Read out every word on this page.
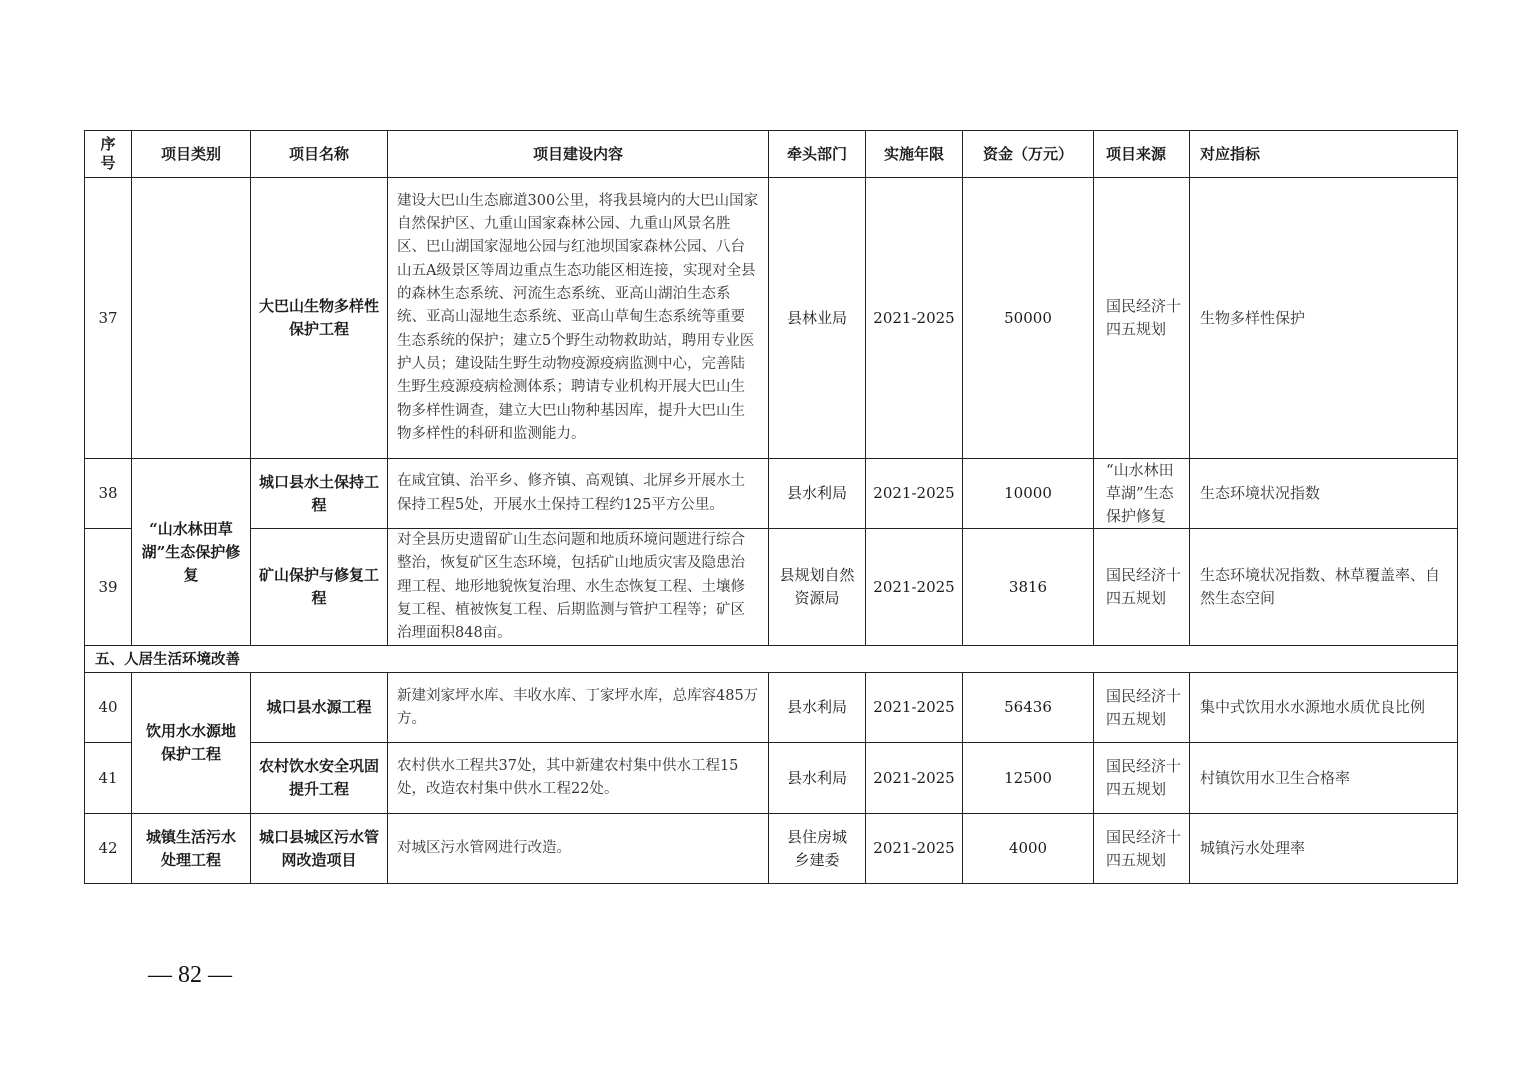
序号	项目类别	项目名称	项目建设内容	牵头部门	实施年限	资金（万元）	项目来源	对应指标
37		大巴山生物多样性保护工程	建设大巴山生态廊道300公里，将我县境内的大巴山国家自然保护区、九重山国家森林公园、九重山风景名胜区、巴山湖国家湿地公园与红池坝国家森林公园、八台山五A级景区等周边重点生态功能区相连接，实现对全县的森林生态系统、河流生态系统、亚高山湖泊生态系统、亚高山湿地生态系统、亚高山草甸生态系统等重要生态系统的保护；建立5个野生动物救助站，聘用专业医护人员；建设陆生野生动物疫源疫病监测中心，完善陆生野生疫源疫病检测体系；聘请专业机构开展大巴山生物多样性调查，建立大巴山物种基因库，提升大巴山生物多样性的科研和监测能力。	县林业局	2021-2025	50000	国民经济十四五规划	生物多样性保护
38	“山水林田草湖”生态保护修复	城口县水土保持工程	在咸宜镇、治平乡、修齐镇、高观镇、北屏乡开展水土保持工程5处，开展水土保持工程约125平方公里。	县水利局	2021-2025	10000	“山水林田草湖”生态保护修复	生态环境状况指数
39		矿山保护与修复工程	对全县历史遗留矿山生态问题和地质环境问题进行综合整治，恢复矿区生态环境，包括矿山地质灾害及隐患治理工程、地形地貌恢复治理、水生态恢复工程、土壤修复工程、植被恢复工程、后期监测与管护工程等；矿区治理面积848亩。	县规划自然资源局	2021-2025	3816	国民经济十四五规划	生态环境状况指数、林草覆盖率、自然生态空间
五、人居生活环境改善								
40	饮用水水源地保护工程	城口县水源工程	新建刘家坪水库、丰收水库、丁家坪水库，总库容485万方。	县水利局	2021-2025	56436	国民经济十四五规划	集中式饮用水水源地水质优良比例
41		农村饮水安全巩固提升工程	农村供水工程共37处，其中新建农村集中供水工程15处，改造农村集中供水工程22处。	县水利局	2021-2025	12500	国民经济十四五规划	村镇饮用水卫生合格率
42	城镇生活污水处理工程	城口县城区污水管网改造项目	对城区污水管网进行改造。	县住房城乡建委	2021-2025	4000	国民经济十四五规划	城镇污水处理率
— 82 —
